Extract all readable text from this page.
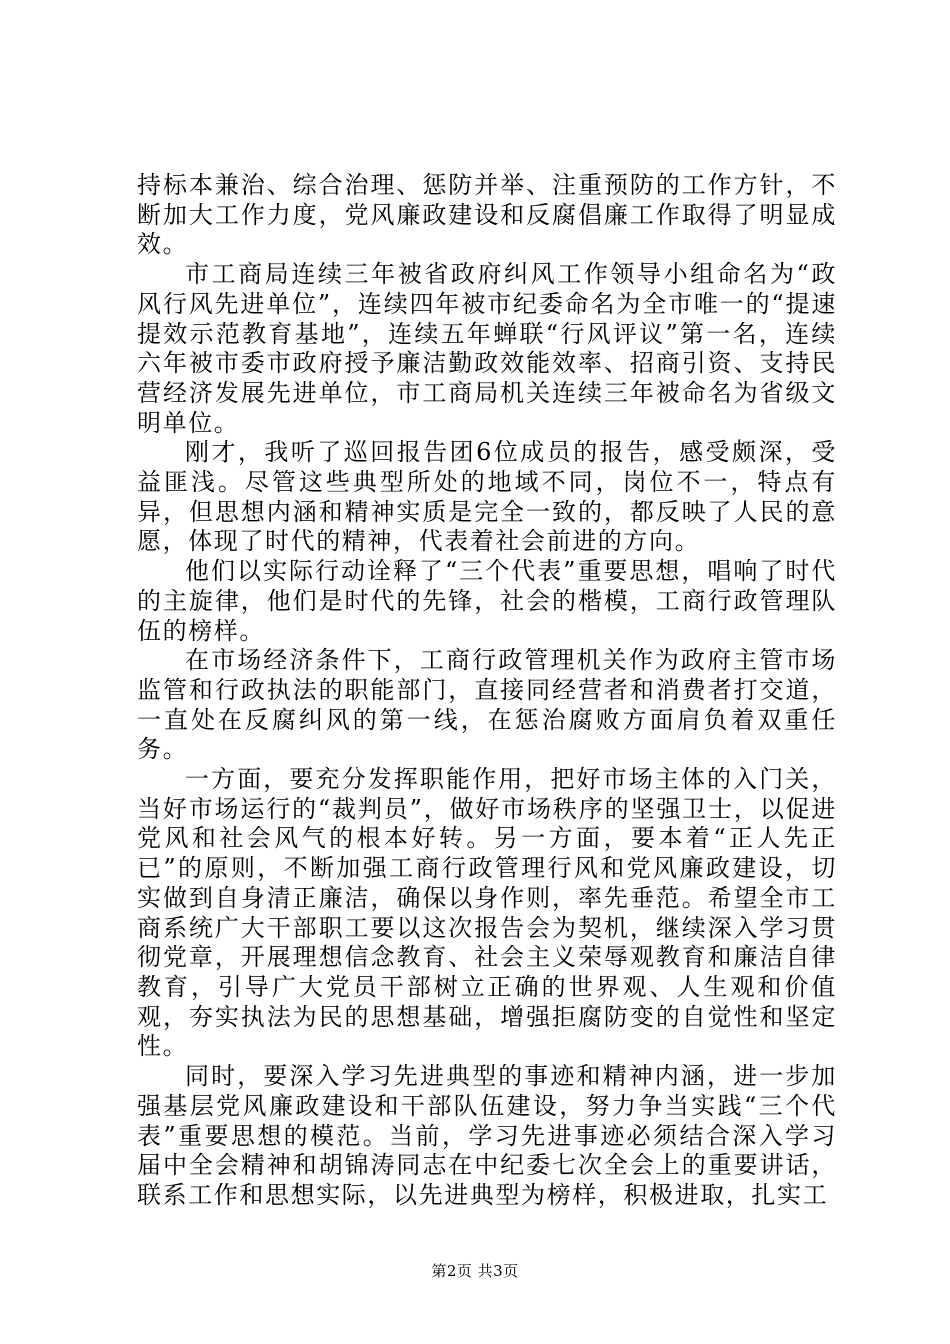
持标本兼治、综合治理、惩防并举、注重预防的工作方针，不断加大工作力度，党风廉政建设和反腐倡廉工作取得了明显成效。

市工商局连续三年被省政府纠风工作领导小组命名为“政风行风先进单位”，连续四年被市纪委命名为全市唯一的“提速提效示范教育基地”，连续五年蝉联“行风评议”第一名，连续六年被市委市政府授予廉洁勤政效能效率、招商引资、支持民营经济发展先进单位，市工商局机关连续三年被命名为省级文明单位。

刚才，我听了巡回报告团6位成员的报告，感受颇深，受益匪浅。尽管这些典型所处的地域不同，岗位不一，特点有异，但思想内涵和精神实质是完全一致的，都反映了人民的意愿，体现了时代的精神，代表着社会前进的方向。

他们以实际行动诠释了“三个代表”重要思想，唱响了时代的主旋律，他们是时代的先锋，社会的楷模，工商行政管理队伍的榜样。

在市场经济条件下，工商行政管理机关作为政府主管市场监管和行政执法的职能部门，直接同经营者和消费者打交道，一直处在反腐纠风的第一线，在惩治腐败方面肩负着双重任务。

一方面，要充分发挥职能作用，把好市场主体的入门关，当好市场运行的“裁判员”，做好市场秩序的坚强卫士，以促进党风和社会风气的根本好转。另一方面，要本着“正人先正已”的原则，不断加强工商行政管理行风和党风廉政建设，切实做到自身清正廉洁，确保以身作则，率先垂范。希望全市工商系统广大干部职工要以这次报告会为契机，继续深入学习贯彻党章，开展理想信念教育、社会主义荣辱观教育和廉洁自律教育，引导广大党员干部树立正确的世界观、人生观和价值观，夯实执法为民的思想基础，增强拒腐防变的自觉性和坚定性。

同时，要深入学习先进典型的事迹和精神内涵，进一步加强基层党风廉政建设和干部队伍建设，努力争当实践“三个代表”重要思想的模范。当前，学习先进事迹必须结合深入学习届中全会精神和胡锦涛同志在中纪委七次全会上的重要讲话，联系工作和思想实际，以先进典型为榜样，积极进取，扎实工

第2页 共3页
